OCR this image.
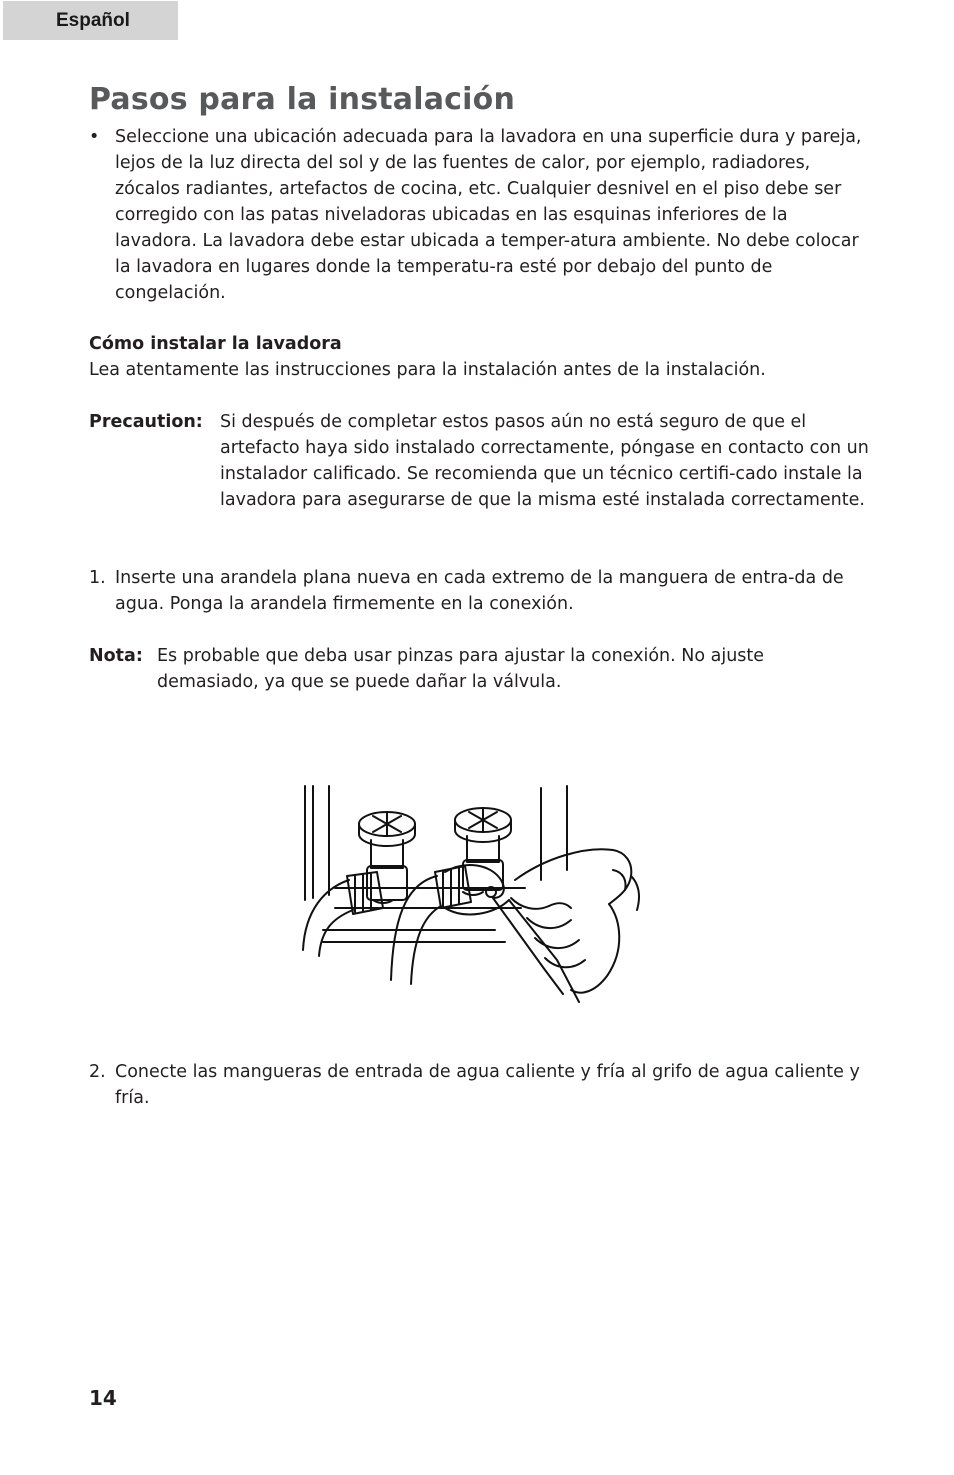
Español
Pasos para la instalación
• Seleccione una ubicación adecuada para la lavadora en una superficie dura y pareja, lejos de la luz directa del sol y de las fuentes de calor, por ejemplo, radiadores, zócalos radiantes, artefactos de cocina, etc. Cualquier desnivel en el piso debe ser corregido con las patas niveladoras ubicadas en las esquinas inferiores de la lavadora. La lavadora debe estar ubicada a temper-atura ambiente. No debe colocar la lavadora en lugares donde la temperatu-ra esté por debajo del punto de congelación.
Cómo instalar la lavadora
Lea atentamente las instrucciones para la instalación antes de la instalación.
Precaution: Si después de completar estos pasos aún no está seguro de que el artefacto haya sido instalado correctamente, póngase en contacto con un instalador calificado. Se recomienda que un técnico certifi-cado instale la lavadora para asegurarse de que la misma esté instalada correctamente.
1. Inserte una arandela plana nueva en cada extremo de la manguera de entra-da de agua. Ponga la arandela firmemente en la conexión.
Nota: Es probable que deba usar pinzas para ajustar la conexión. No ajuste demasiado, ya que se puede dañar la válvula.
2. Conecte las mangueras de entrada de agua caliente y fría al grifo de agua caliente y fría.
14
